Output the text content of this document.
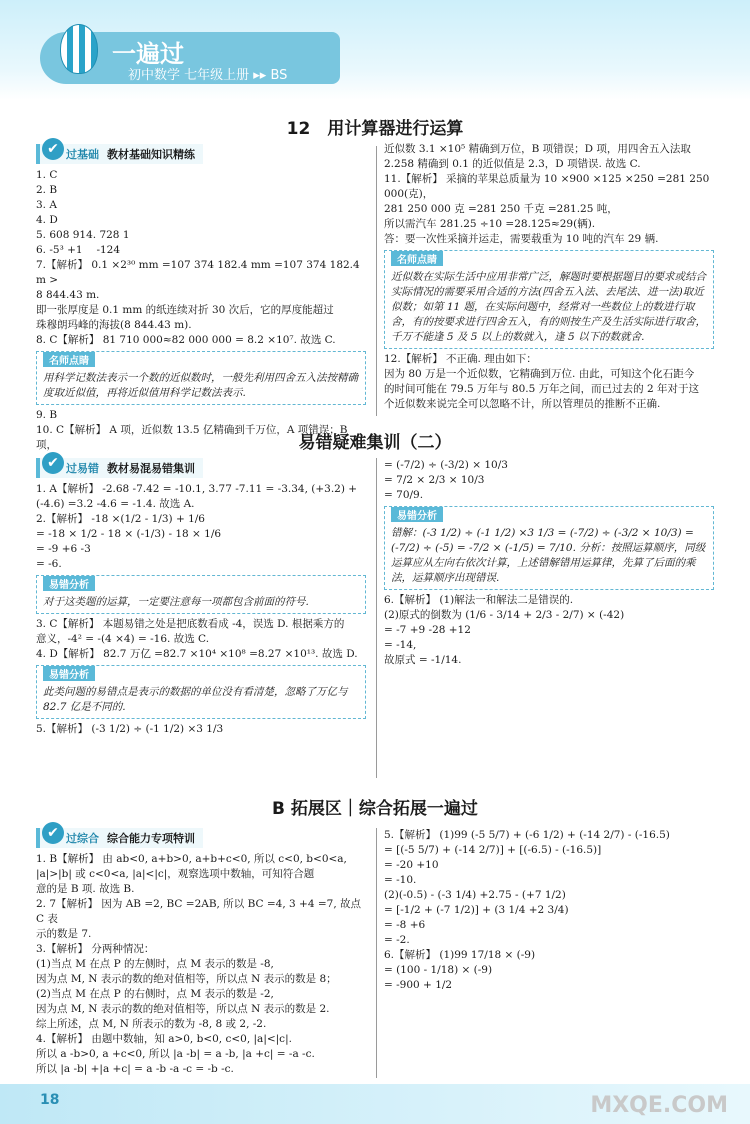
一遍过
初中数学 七年级上册 ▸▸ BS
12　用计算器进行运算
✔ 过基础 教材基础知识精练

1. C

2. B

3. A

4. D

5. 608 914. 728 1

6. -5³ +1　 -124

7.【解析】 0.1 ×2³⁰ mm =107 374 182.4 mm =107 374 182.4 m >

8 844.43 m.

即一张厚度是 0.1 mm 的纸连续对折 30 次后，它的厚度能超过

珠穆朗玛峰的海拔(8 844.43 m).

8. C【解析】 81 710 000≈82 000 000 = 8.2 ×10⁷. 故选 C.

名师点睛

用科学记数法表示一个数的近似数时，一般先利用四舍五入法按精确度取近似值，再将近似值用科学记数法表示.

9. B

10. C【解析】 A 项，近似数 13.5 亿精确到千万位，A 项错误；B 项，

近似数 3.1 ×10⁵ 精确到万位，B 项错误；D 项，用四舍五入法取

2.258 精确到 0.1 的近似值是 2.3，D 项错误. 故选 C.

11.【解析】 采摘的苹果总质量为 10 ×900 ×125 ×250 =281 250 000(克)，

281 250 000 克 =281 250 千克 =281.25 吨，

所以需汽车 281.25 ÷10 =28.125≈29(辆).

答：要一次性采摘并运走，需要载重为 10 吨的汽车 29 辆.

名师点睛

近似数在实际生活中应用非常广泛，解题时要根据题目的要求或结合实际情况的需要采用合适的方法(四舍五入法、去尾法、进一法)取近似数；如第 11 题，在实际问题中，经常对一些数位上的数进行取舍，有的按要求进行四舍五入，有的则按生产及生活实际进行取舍，千万不能逢 5 及 5 以上的数就入，逢 5 以下的数就舍.

12.【解析】 不正确. 理由如下：

因为 80 万是一个近似数，它精确到万位. 由此，可知这个化石距今

的时间可能在 79.5 万年与 80.5 万年之间，而已过去的 2 年对于这

个近似数来说完全可以忽略不计，所以管理员的推断不正确.

易错疑难集训（二）
✔ 过易错 教材易混易错集训

1. A【解析】 -2.68 -7.42 = -10.1, 3.77 -7.11 = -3.34, (+3.2) +

(-4.6) =3.2 -4.6 = -1.4. 故选 A.

2.【解析】 -18 ×(1/2 - 1/3) + 1/6

= -18 × 1/2 - 18 × (-1/3) - 18 × 1/6

= -9 +6 -3

= -6.

易错分析

对于这类题的运算，一定要注意每一项都包含前面的符号.

3. C【解析】 本题易错之处是把底数看成 -4，误选 D. 根据乘方的

意义，-4² = -(4 ×4) = -16. 故选 C.

4. D【解析】 82.7 万亿 =82.7 ×10⁴ ×10⁸ =8.27 ×10¹³. 故选 D.

易错分析

此类问题的易错点是表示的数据的单位没有看清楚，忽略了万亿与 82.7 亿是不同的.

5.【解析】 (-3 1/2) ÷ (-1 1/2) ×3 1/3

= (-7/2) ÷ (-3/2) × 10/3

= 7/2 × 2/3 × 10/3

= 70/9.

易错分析

错解：(-3 1/2) ÷ (-1 1/2) ×3 1/3 = (-7/2) ÷ (-3/2 × 10/3) = (-7/2) ÷ (-5) = -7/2 × (-1/5) = 7/10. 分析：按照运算顺序，同级运算应从左向右依次计算，上述错解错用运算律，先算了后面的乘法，运算顺序出现错误.

6.【解析】 (1)解法一和解法二是错误的.

(2)原式的倒数为 (1/6 - 3/14 + 2/3 - 2/7) × (-42)

= -7 +9 -28 +12

= -14,

故原式 = -1/14.

B 拓展区｜综合拓展一遍过
✔ 过综合 综合能力专项特训

1. B【解析】 由 ab<0, a+b>0, a+b+c<0, 所以 c<0, b<0<a,

|a|>|b| 或 c<0<a, |a|<|c|，观察选项中数轴，可知符合题

意的是 B 项. 故选 B.

2. 7【解析】 因为 AB =2, BC =2AB, 所以 BC =4, 3 +4 =7, 故点 C 表

示的数是 7.

3.【解析】 分两种情况：

(1)当点 M 在点 P 的左侧时，点 M 表示的数是 -8,

因为点 M, N 表示的数的绝对值相等，所以点 N 表示的数是 8；

(2)当点 M 在点 P 的右侧时，点 M 表示的数是 -2,

因为点 M, N 表示的数的绝对值相等，所以点 N 表示的数是 2.

综上所述，点 M, N 所表示的数为 -8, 8 或 2, -2.

4.【解析】 由题中数轴，知 a>0, b<0, c<0, |a|<|c|.

所以 a -b>0, a +c<0, 所以 |a -b| = a -b, |a +c| = -a -c.

所以 |a -b| +|a +c| = a -b -a -c = -b -c.

5.【解析】 (1)99 (-5 5/7) + (-6 1/2) + (-14 2/7) - (-16.5)

= [(-5 5/7) + (-14 2/7)] + [(-6.5) - (-16.5)]

= -20 +10

= -10.

(2)(-0.5) - (-3 1/4) +2.75 - (+7 1/2)

= [-1/2 + (-7 1/2)] + (3 1/4 +2 3/4)

= -8 +6

= -2.

6.【解析】 (1)99 17/18 × (-9)

= (100 - 1/18) × (-9)

= -900 + 1/2

18	MXQE.COM
